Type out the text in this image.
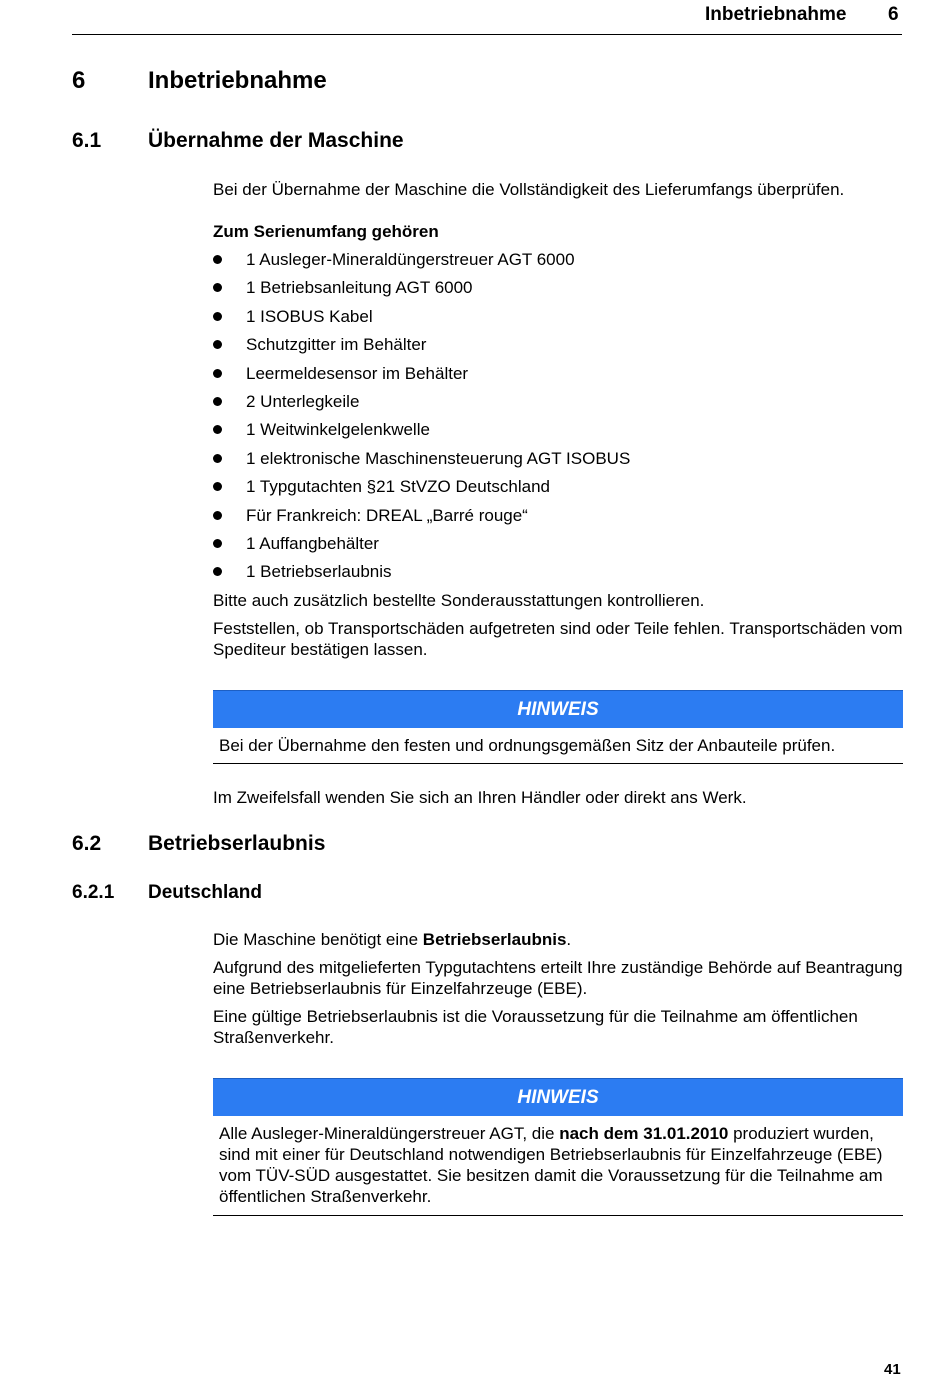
Inbetriebnahme 6
6	Inbetriebnahme
6.1 Übernahme der Maschine

Bei der Übernahme der Maschine die Vollständigkeit des Lieferumfangs überprüfen.

Zum Serienumfang gehören

1 Ausleger-Mineraldüngerstreuer AGT 6000
1 Betriebsanleitung AGT 6000
1 ISOBUS Kabel
Schutzgitter im Behälter
Leermeldesensor im Behälter
2 Unterlegkeile
1 Weitwinkelgelenkwelle
1 elektronische Maschinensteuerung AGT ISOBUS
1 Typgutachten §21 StVZO Deutschland
Für Frankreich: DREAL „Barré rouge“
1 Auffangbehälter
1 Betriebserlaubnis

Bitte auch zusätzlich bestellte Sonderausstattungen kontrollieren.

Feststellen, ob Transportschäden aufgetreten sind oder Teile fehlen. Transportschäden vom Spediteur bestätigen lassen.

HINWEIS
Bei der Übernahme den festen und ordnungsgemäßen Sitz der Anbauteile prüfen.
Im Zweifelsfall wenden Sie sich an Ihren Händler oder direkt ans Werk.
6.2 Betriebserlaubnis
6.2.1 Deutschland

Die Maschine benötigt eine Betriebserlaubnis.

Aufgrund des mitgelieferten Typgutachtens erteilt Ihre zuständige Behörde auf Beantragung eine Betriebserlaubnis für Einzelfahrzeuge (EBE).

Eine gültige Betriebserlaubnis ist die Voraussetzung für die Teilnahme am öffentlichen Straßenverkehr.

HINWEIS
Alle Ausleger-Mineraldüngerstreuer AGT, die nach dem 31.01.2010 produziert wurden, sind mit einer für Deutschland notwendigen Betriebserlaubnis für Einzelfahrzeuge (EBE) vom TÜV-SÜD ausgestattet. Sie besitzen damit die Voraussetzung für die Teilnahme am öffentlichen Straßenverkehr.
41
